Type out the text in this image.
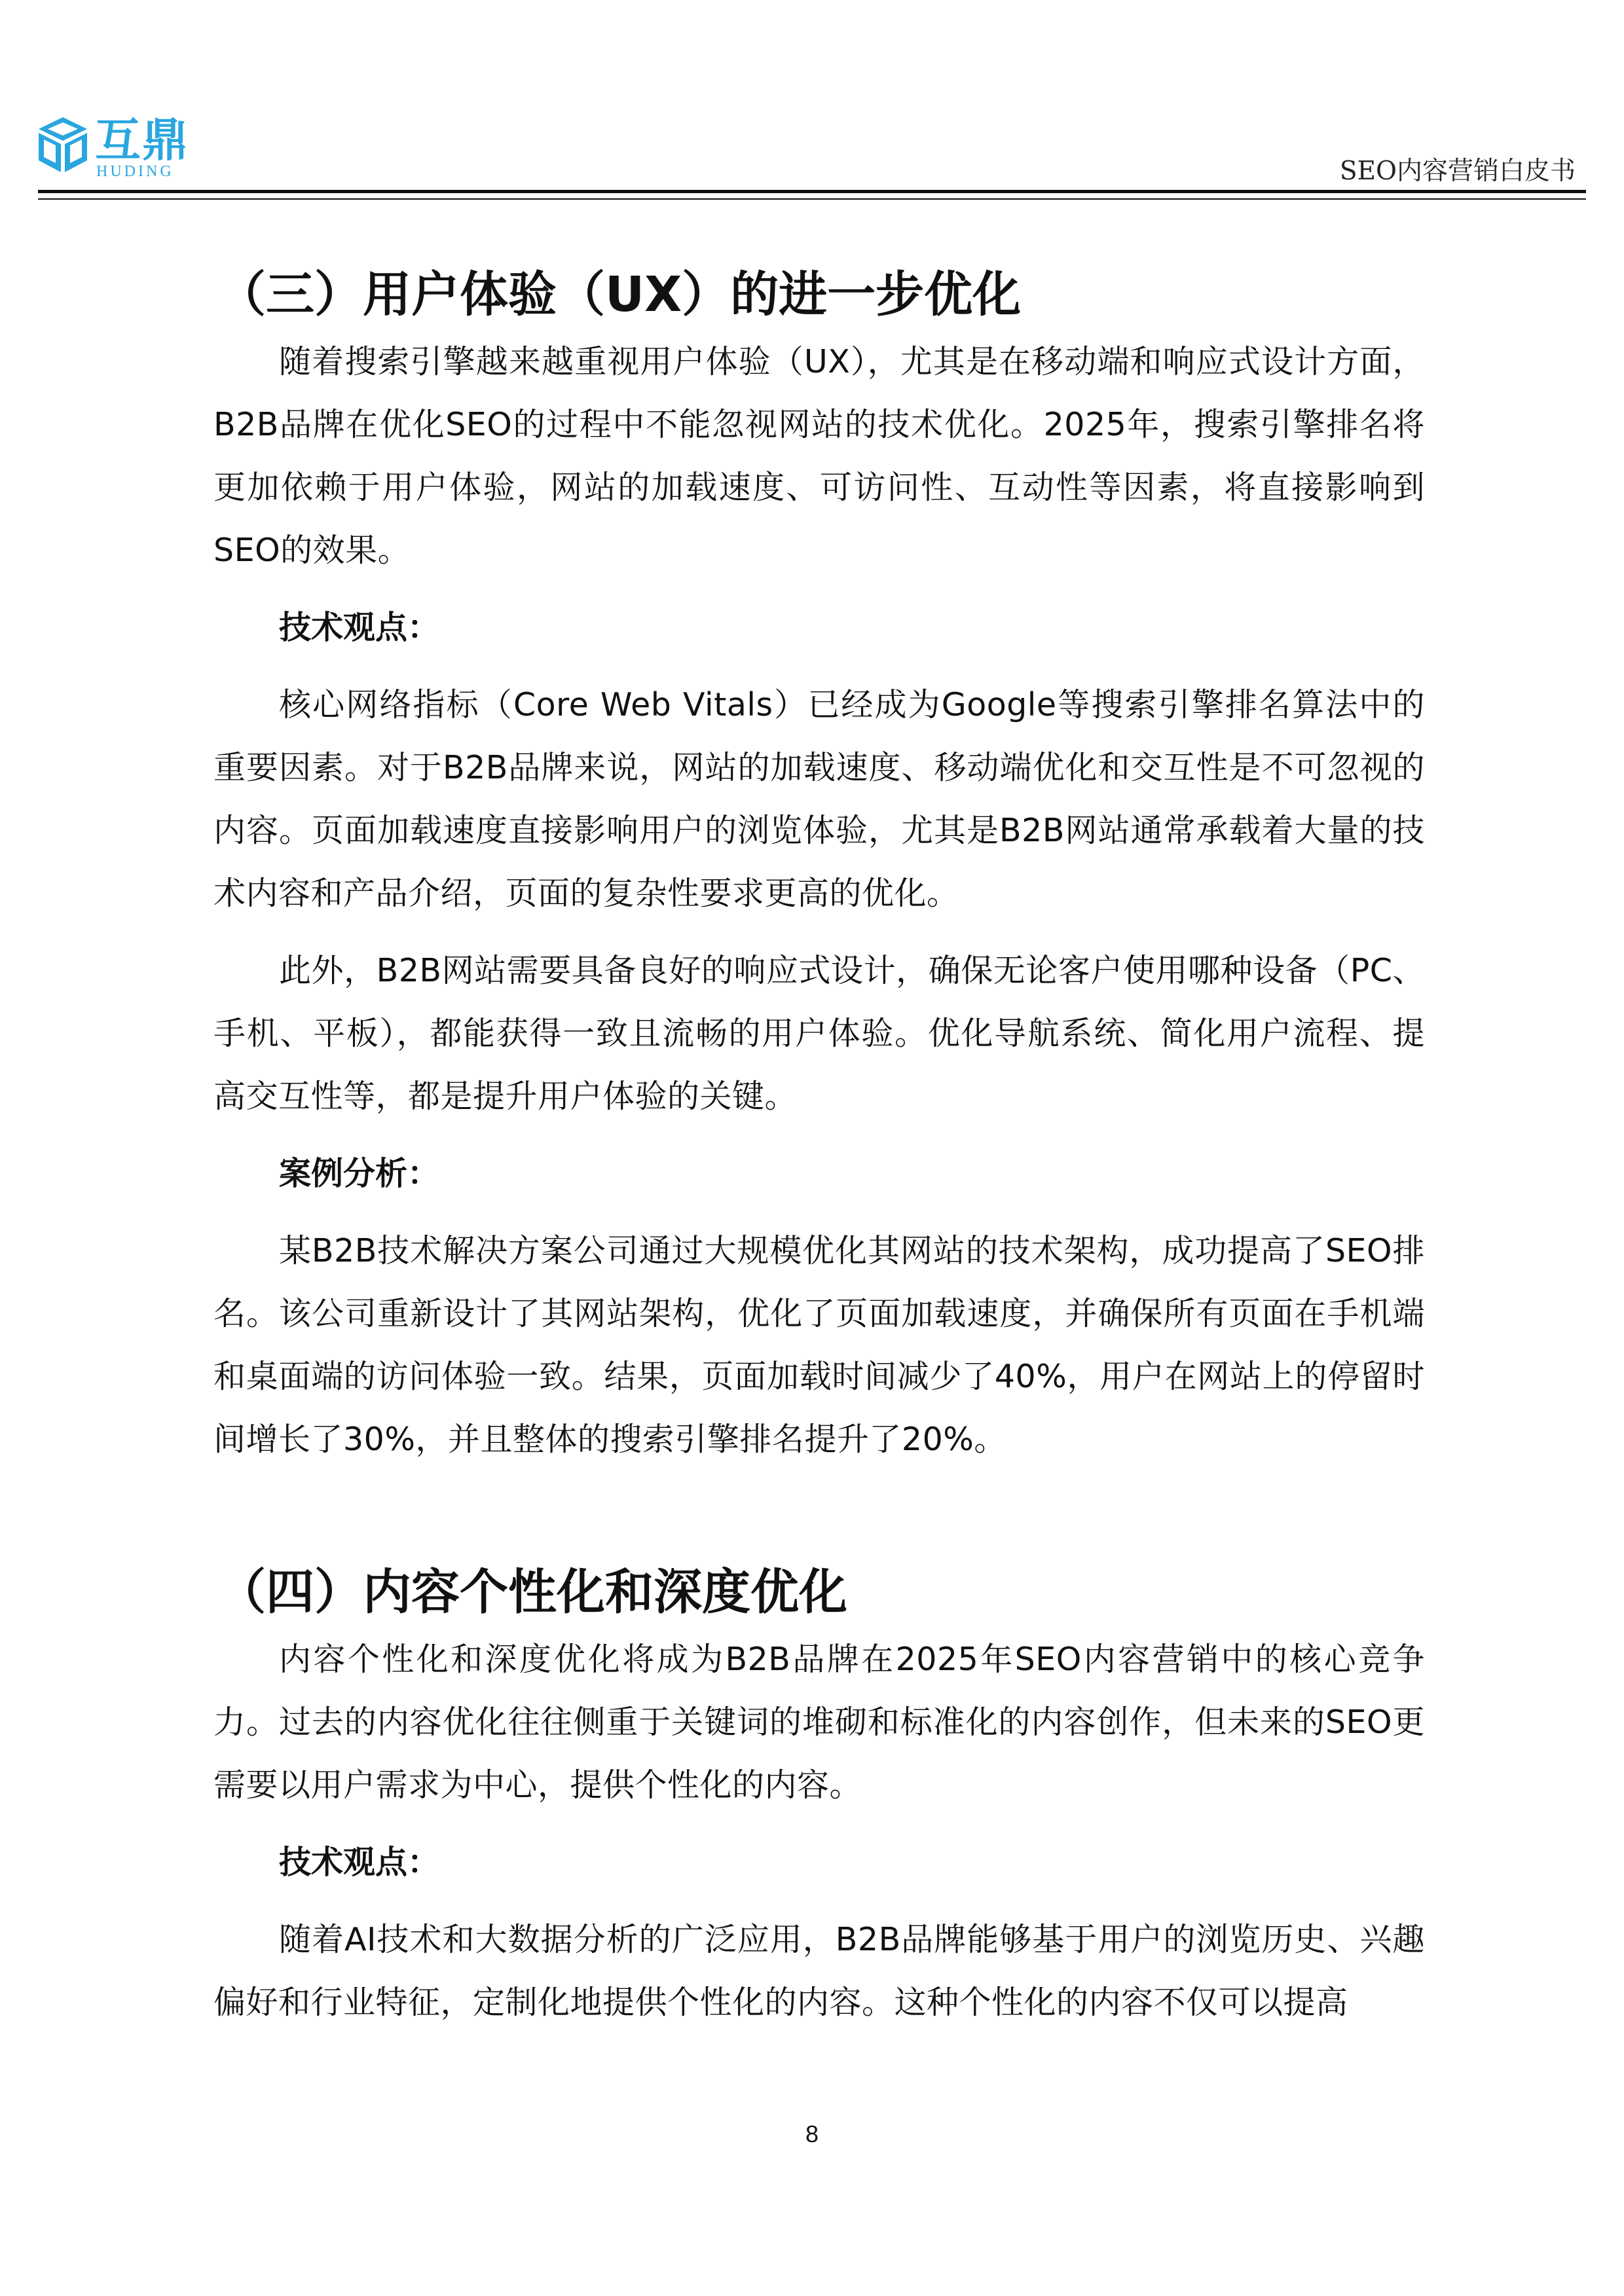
互鼎
HUDING	SEO内容营销白皮书
（三）用户体验（UX）的进一步优化

随着搜索引擎越来越重视用户体验（UX），尤其是在移动端和响应式设计方面，B2B品牌在优化SEO的过程中不能忽视网站的技术优化。2025年，搜索引擎排名将更加依赖于用户体验，网站的加载速度、可访问性、互动性等因素，将直接影响到SEO的效果。

技术观点：

核心网络指标（Core Web Vitals）已经成为Google等搜索引擎排名算法中的重要因素。对于B2B品牌来说，网站的加载速度、移动端优化和交互性是不可忽视的内容。页面加载速度直接影响用户的浏览体验，尤其是B2B网站通常承载着大量的技术内容和产品介绍，页面的复杂性要求更高的优化。

此外，B2B网站需要具备良好的响应式设计，确保无论客户使用哪种设备（PC、手机、平板），都能获得一致且流畅的用户体验。优化导航系统、简化用户流程、提高交互性等，都是提升用户体验的关键。

案例分析：

某B2B技术解决方案公司通过大规模优化其网站的技术架构，成功提高了SEO排名。该公司重新设计了其网站架构，优化了页面加载速度，并确保所有页面在手机端和桌面端的访问体验一致。结果，页面加载时间减少了40%，用户在网站上的停留时间增长了30%，并且整体的搜索引擎排名提升了20%。

（四）内容个性化和深度优化

内容个性化和深度优化将成为B2B品牌在2025年SEO内容营销中的核心竞争力。过去的内容优化往往侧重于关键词的堆砌和标准化的内容创作，但未来的SEO更需要以用户需求为中心，提供个性化的内容。

技术观点：

随着AI技术和大数据分析的广泛应用，B2B品牌能够基于用户的浏览历史、兴趣偏好和行业特征，定制化地提供个性化的内容。这种个性化的内容不仅可以提高

8
